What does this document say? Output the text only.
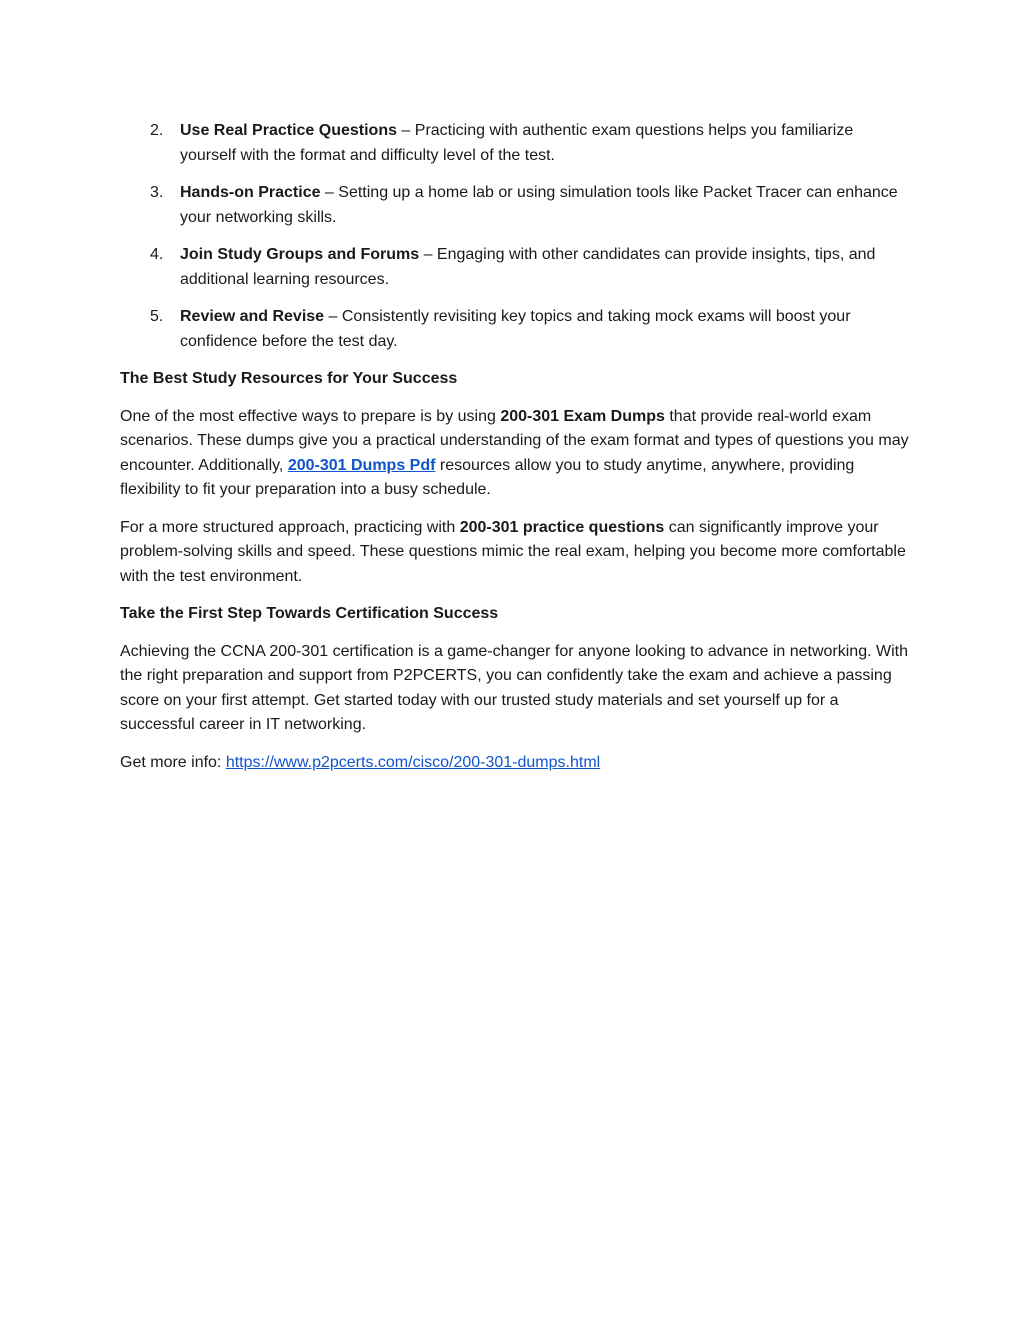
2. Use Real Practice Questions – Practicing with authentic exam questions helps you familiarize yourself with the format and difficulty level of the test.
3. Hands-on Practice – Setting up a home lab or using simulation tools like Packet Tracer can enhance your networking skills.
4. Join Study Groups and Forums – Engaging with other candidates can provide insights, tips, and additional learning resources.
5. Review and Revise – Consistently revisiting key topics and taking mock exams will boost your confidence before the test day.

The Best Study Resources for Your Success

One of the most effective ways to prepare is by using 200-301 Exam Dumps that provide real-world exam scenarios. These dumps give you a practical understanding of the exam format and types of questions you may encounter. Additionally, 200-301 Dumps Pdf resources allow you to study anytime, anywhere, providing flexibility to fit your preparation into a busy schedule.

For a more structured approach, practicing with 200-301 practice questions can significantly improve your problem-solving skills and speed. These questions mimic the real exam, helping you become more comfortable with the test environment.

Take the First Step Towards Certification Success

Achieving the CCNA 200-301 certification is a game-changer for anyone looking to advance in networking. With the right preparation and support from P2PCERTS, you can confidently take the exam and achieve a passing score on your first attempt. Get started today with our trusted study materials and set yourself up for a successful career in IT networking.

Get more info: https://www.p2pcerts.com/cisco/200-301-dumps.html
